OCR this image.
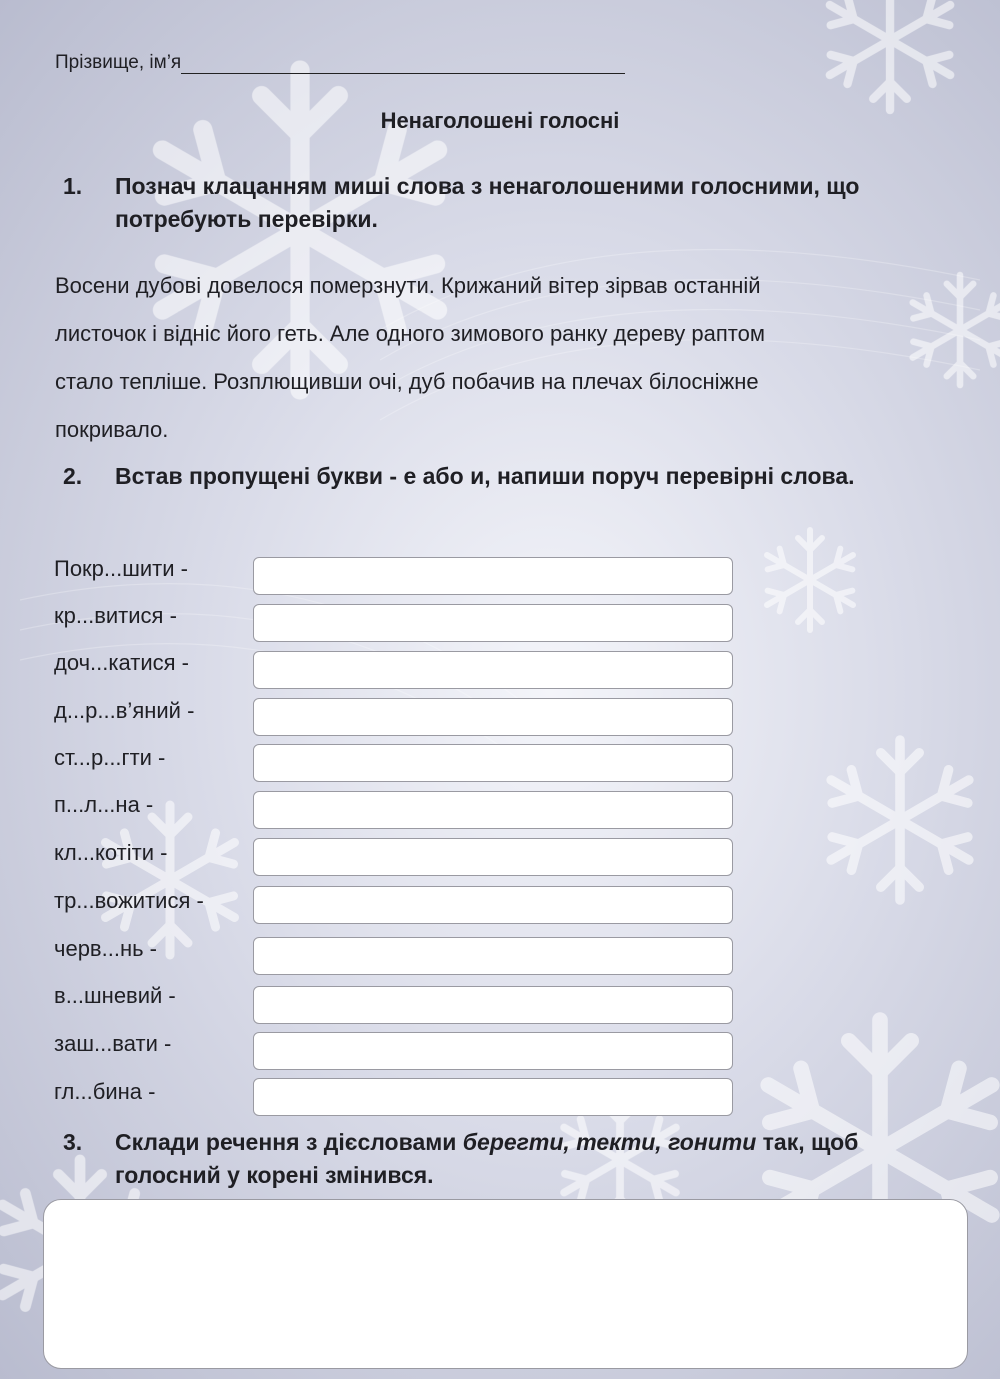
Прізвище, ім’я
Ненаголошені голосні
1. Познач клацанням миші слова з ненаголошеними голосними, що потребують перевірки.
Восени дубові довелося померзнути. Крижаний вітер зірвав останній
листочок і відніс його геть. Але одного зимового ранку дереву раптом
стало тепліше. Розплющивши очі, дуб побачив на плечах білосніжне
покривало.
2. Встав пропущені букви - е або и, напиши поруч перевірні слова.
Покр...шити -
кр...витися -
доч...катися -
д...р...в’яний -
ст...р...гти -
п...л...на -
кл...котіти -
тр...вожитися -
черв...нь -
в...шневий -
заш...вати -
гл...бина -
3. Склади речення з дієсловами берегти, текти, гонити так, щоб голосний у корені змінився.
